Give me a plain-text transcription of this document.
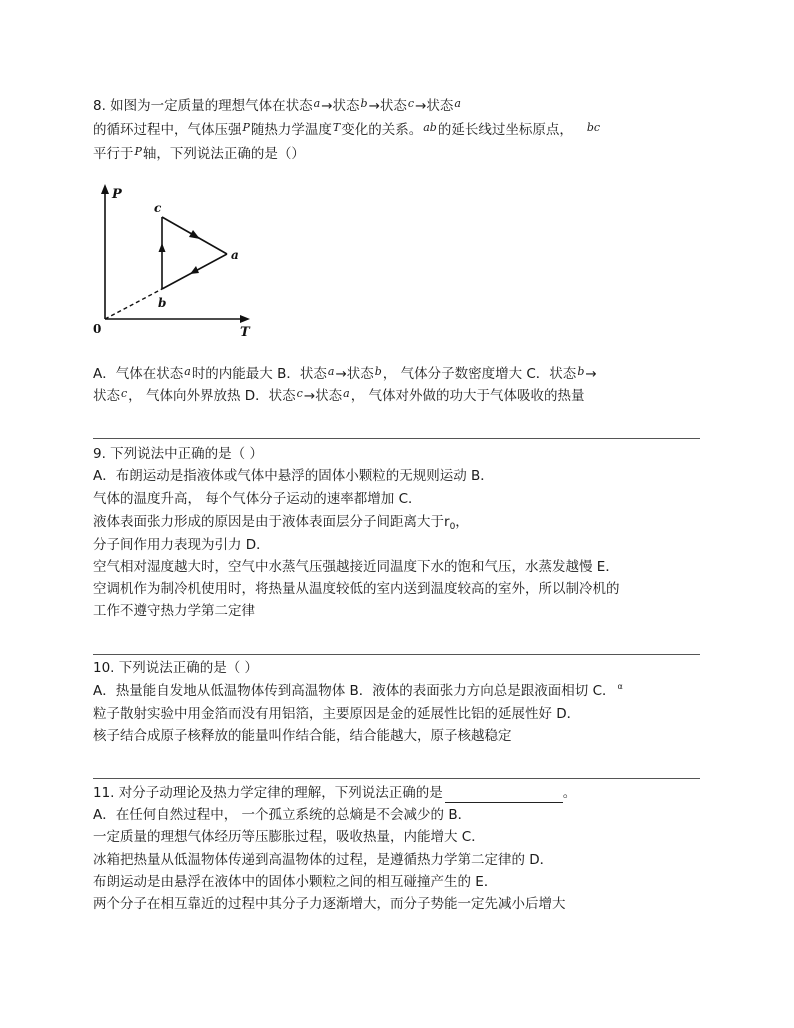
8. 如图为一定质量的理想气体在状态$^a$→状态$^b$→状态$^c$→状态$^a$
的循环过程中，气体压强$^P$随热力学温度$^T$变化的关系。$^{ab}$的延长线过坐标原点， $^{bc}$
平行于$^P$轴，下列说法正确的是（）
P
T
0
c
a
b
A．气体在状态$^a$时的内能最大 B．状态$^a$→状态$^b$， 气体分子数密度增大 C．状态$^b$→
状态$^c$， 气体向外界放热 D．状态$^c$→状态$^a$， 气体对外做的功大于气体吸收的热量
9. 下列说法中正确的是（ ）
A．布朗运动是指液体或气体中悬浮的固体小颗粒的无规则运动 B．
气体的温度升高， 每个气体分子运动的速率都增加 C．
液体表面张力形成的原因是由于液体表面层分子间距离大于$r_0$，
分子间作用力表现为引力 D．
空气相对湿度越大时，空气中水蒸气压强越接近同温度下水的饱和气压，水蒸发越慢 E．
空调机作为制冷机使用时，将热量从温度较低的室内送到温度较高的室外，所以制冷机的
工作不遵守热力学第二定律
10. 下列说法正确的是（ ）
A．热量能自发地从低温物体传到高温物体 B．液体的表面张力方向总是跟液面相切 C． $^\alpha$
粒子散射实验中用金箔而没有用铝箔，主要原因是金的延展性比铝的延展性好 D．
核子结合成原子核释放的能量叫作结合能，结合能越大，原子核越稳定
11. 对分子动理论及热力学定律的理解，下列说法正确的是	。
A．在任何自然过程中， 一个孤立系统的总熵是不会减少的 B．
一定质量的理想气体经历等压膨胀过程，吸收热量，内能增大 C．
冰箱把热量从低温物体传递到高温物体的过程，是遵循热力学第二定律的 D．
布朗运动是由悬浮在液体中的固体小颗粒之间的相互碰撞产生的 E．
两个分子在相互靠近的过程中其分子力逐渐增大，而分子势能一定先减小后增大
